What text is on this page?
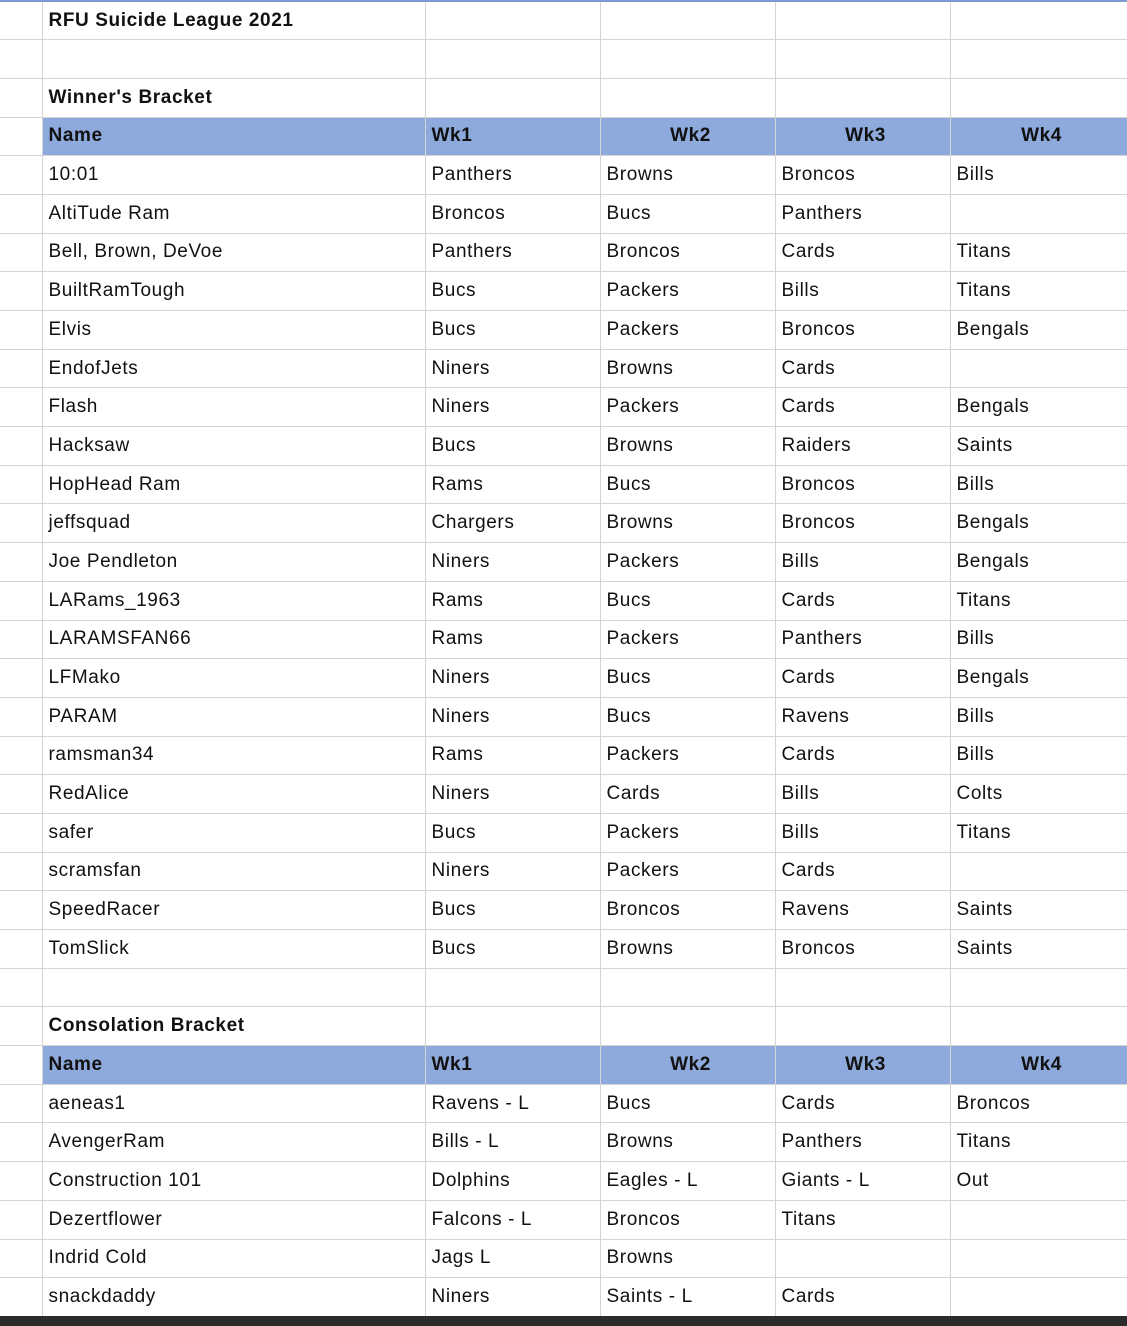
	RFU Suicide League 2021				

	Winner's Bracket				
	Name	Wk1	Wk2	Wk3	Wk4
	10:01	Panthers	Browns	Broncos	Bills
	AltiTude Ram	Broncos	Bucs	Panthers	
	Bell, Brown, DeVoe	Panthers	Broncos	Cards	Titans
	BuiltRamTough	Bucs	Packers	Bills	Titans
	Elvis	Bucs	Packers	Broncos	Bengals
	EndofJets	Niners	Browns	Cards	
	Flash	Niners	Packers	Cards	Bengals
	Hacksaw	Bucs	Browns	Raiders	Saints
	HopHead Ram	Rams	Bucs	Broncos	Bills
	jeffsquad	Chargers	Browns	Broncos	Bengals
	Joe Pendleton	Niners	Packers	Bills	Bengals
	LARams_1963	Rams	Bucs	Cards	Titans
	LARAMSFAN66	Rams	Packers	Panthers	Bills
	LFMako	Niners	Bucs	Cards	Bengals
	PARAM	Niners	Bucs	Ravens	Bills
	ramsman34	Rams	Packers	Cards	Bills
	RedAlice	Niners	Cards	Bills	Colts
	safer	Bucs	Packers	Bills	Titans
	scramsfan	Niners	Packers	Cards	
	SpeedRacer	Bucs	Broncos	Ravens	Saints
	TomSlick	Bucs	Browns	Broncos	Saints

	Consolation Bracket				
	Name	Wk1	Wk2	Wk3	Wk4
	aeneas1	Ravens - L	Bucs	Cards	Broncos
	AvengerRam	Bills - L	Browns	Panthers	Titans
	Construction 101	Dolphins	Eagles - L	Giants - L	Out
	Dezertflower	Falcons - L	Broncos	Titans	
	Indrid Cold	Jags L	Browns		
	snackdaddy	Niners	Saints - L	Cards	
